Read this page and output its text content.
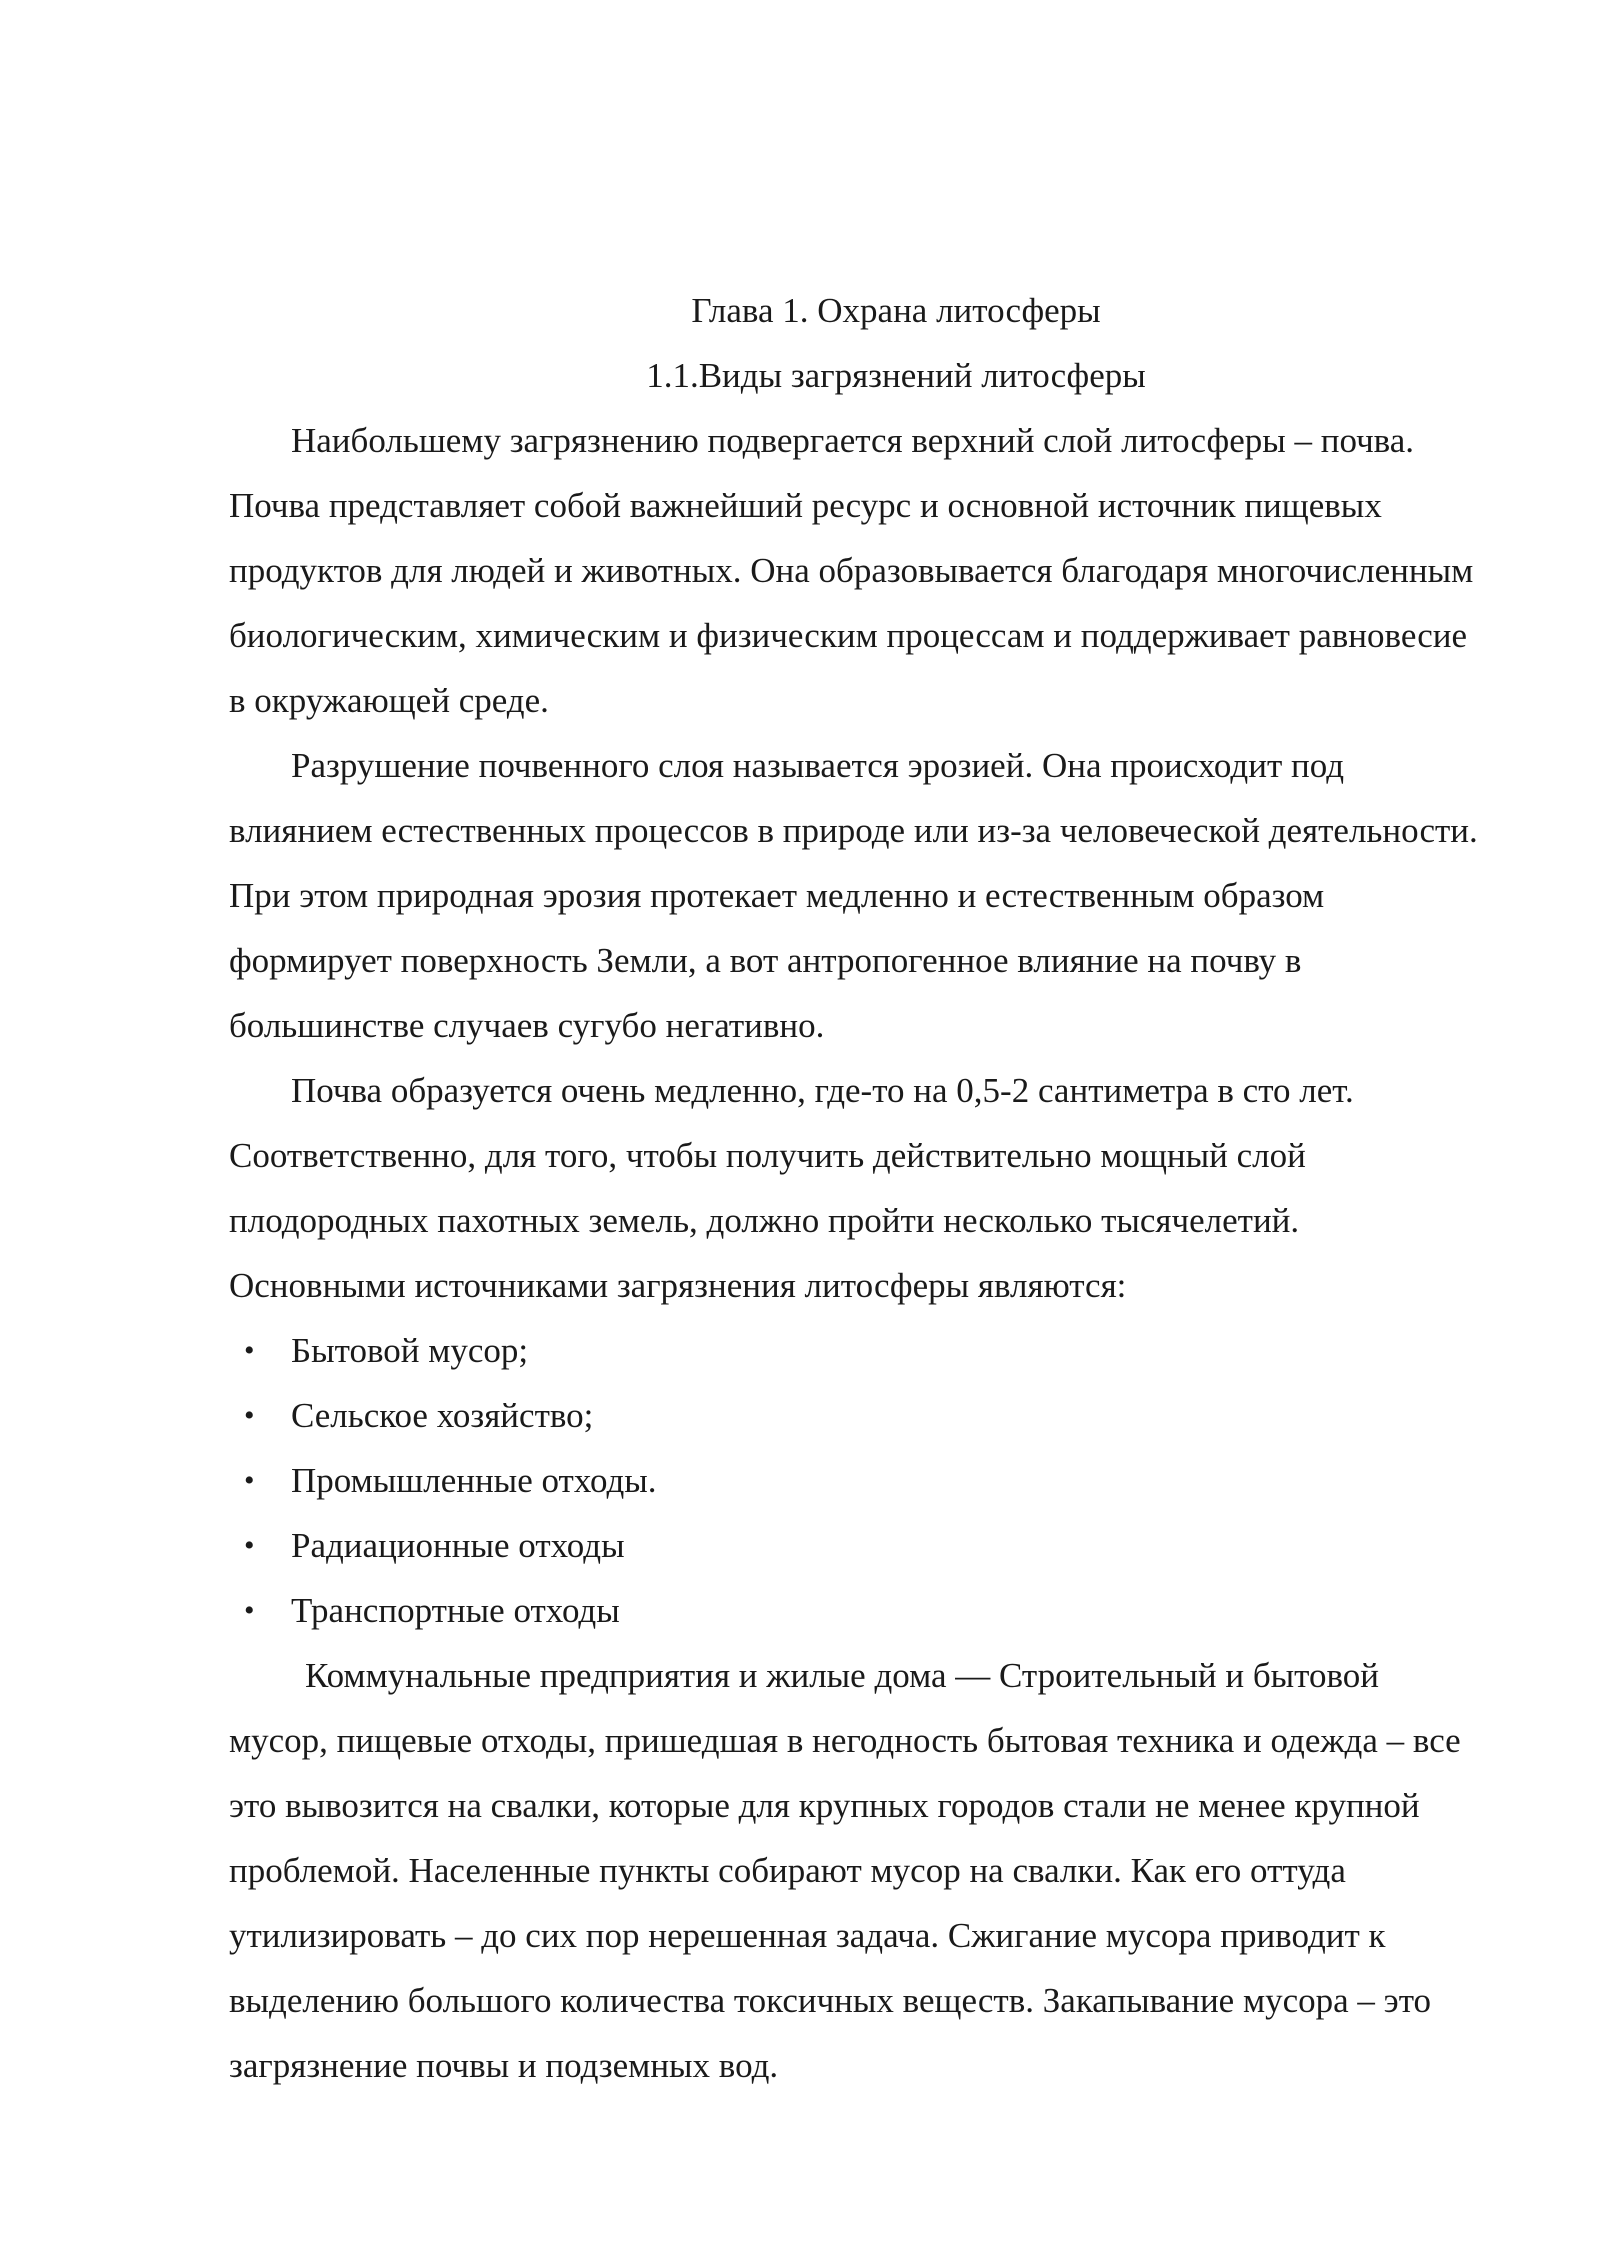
Глава 1. Охрана литосферы
1.1.Виды загрязнений литосферы

Наибольшему загрязнению подвергается верхний слой литосферы – почва. Почва представляет собой важнейший ресурс и основной источник пищевых продуктов для людей и животных. Она образовывается благодаря многочисленным биологическим, химическим и физическим процессам и поддерживает равновесие в окружающей среде.

Разрушение почвенного слоя называется эрозией. Она происходит под влиянием естественных процессов в природе или из-за человеческой деятельности. При этом природная эрозия протекает медленно и естественным образом формирует поверхность Земли, а вот антропогенное влияние на почву в большинстве случаев сугубо негативно.

Почва образуется очень медленно, где-то на 0,5-2 сантиметра в сто лет. Соответственно, для того, чтобы получить действительно мощный слой плодородных пахотных земель, должно пройти несколько тысячелетий.

Основными источниками загрязнения литосферы являются:

• Бытовой мусор;
• Сельское хозяйство;
• Промышленные отходы.
• Радиационные отходы
• Транспортные отходы

Коммунальные предприятия и жилые дома — Строительный и бытовой мусор, пищевые отходы, пришедшая в негодность бытовая техника и одежда – все это вывозится на свалки, которые для крупных городов стали не менее крупной проблемой. Населенные пункты собирают мусор на свалки. Как его оттуда утилизировать – до сих пор нерешенная задача. Сжигание мусора приводит к выделению большого количества токсичных веществ. Закапывание мусора – это загрязнение почвы и подземных вод.
